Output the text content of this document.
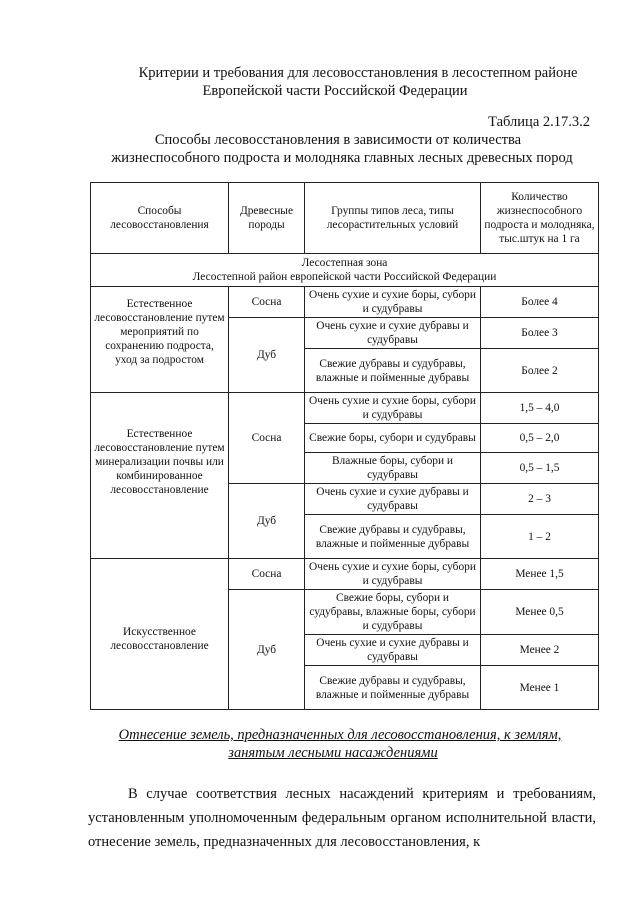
Критерии и требования для лесовосстановления в лесостепном районе
Европейской части Российской Федерации
Таблица 2.17.3.2
Способы лесовосстановления в зависимости от количества
жизнеспособного подроста и молодняка главных лесных древесных пород
Способы лесовосстановления	Древесные породы	Группы типов леса, типы лесорастительных условий	Количество жизнеспособного подроста и молодняка, тыс.штук на 1 га

Лесостепная зона
Лесостепной район европейской части Российской Федерации			

Естественное лесовосстановление путем мероприятий по сохранению подроста, уход за подростом	Сосна	Очень сухие и сухие боры, субори и судубравы	Более 4
	Дуб	Очень сухие и сухие дубравы и судубравы	Более 3
		Свежие дубравы и судубравы, влажные и пойменные дубравы	Более 2

Естественное лесовосстановление путем минерализации почвы или комбинированное лесовосстановление	Сосна	Очень сухие и сухие боры, субори и судубравы	1,5 – 4,0
		Свежие боры, субори и судубравы	0,5 – 2,0
		Влажные боры, субори и судубравы	0,5 – 1,5
	Дуб	Очень сухие и сухие дубравы и судубравы	2 – 3
		Свежие дубравы и судубравы, влажные и пойменные дубравы	1 – 2

Искусственное лесовосстановление	Сосна	Очень сухие и сухие боры, субори и судубравы	Менее 1,5
	Дуб	Свежие боры, субори и судубравы, влажные боры, субори и судубравы	Менее 0,5
		Очень сухие и сухие дубравы и судубравы	Менее 2
		Свежие дубравы и судубравы, влажные и пойменные дубравы	Менее 1
Отнесение земель, предназначенных для лесовосстановления, к землям,
занятым лесными насаждениями
В случае соответствия лесных насаждений критериям и требованиям, установленным уполномоченным федеральным органом исполнительной власти, отнесение земель, предназначенных для лесовосстановления, к
